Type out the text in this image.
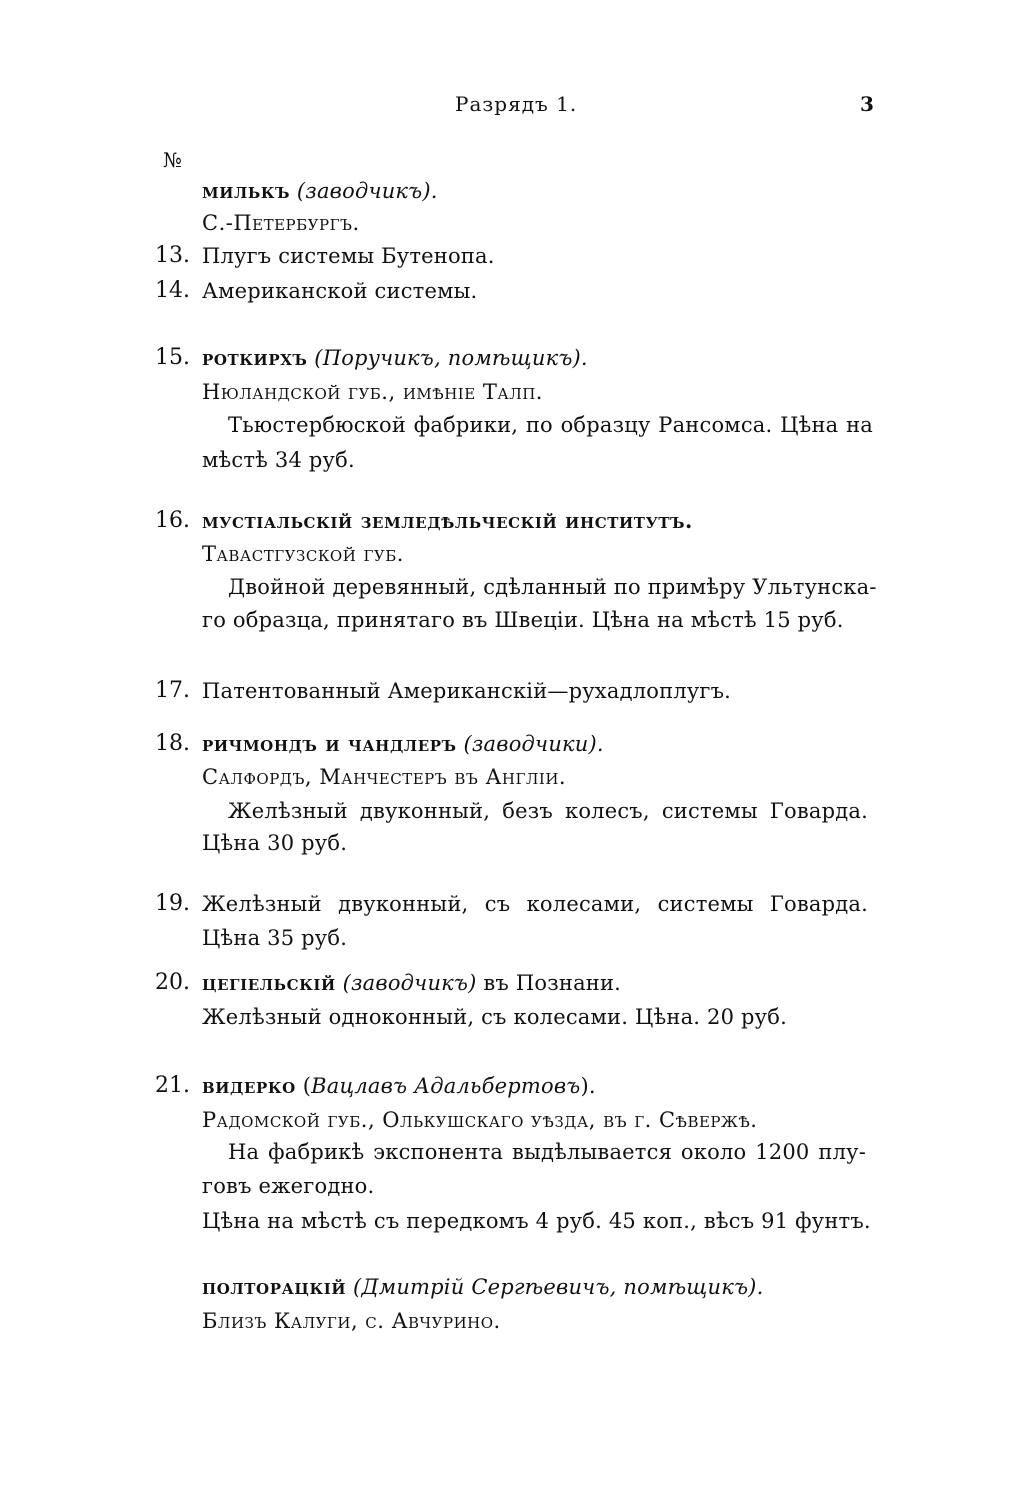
Разрядъ 1.	3
№
милькъ (заводчикъ).
С.-Петербургъ.
13. Плугъ системы Бутенопа.
14. Американской системы.
15. роткирхъ (Поручикъ, помѣщикъ).
Нюландской губ., имѣніе Талп.
Тьюстербюской фабрики, по образцу Рансомса. Цѣна на
мѣстѣ 34 руб.
16. мустіальскій земледѣльческій институтъ.
Тавастгузской губ.
Двойной деревянный, сдѣланный по примѣру Ультунска-
го образца, принятаго въ Швеціи. Цѣна на мѣстѣ 15 руб.
17. Патентованный Американскій—рухадлоплугъ.
18. ричмондъ и чандлеръ (заводчики).
Салфордъ, Манчестеръ въ Англіи.
Желѣзный двуконный, безъ колесъ, системы Говарда.
Цѣна 30 руб.
19. Желѣзный двуконный, съ колесами, системы Говарда.
Цѣна 35 руб.
20. цегіельскій (заводчикъ) въ Познани.
Желѣзный одноконный, съ колесами. Цѣна. 20 руб.
21. видерко (Вацлавъ Адальбертовъ).
Радомской губ., Олькушскаго уѣзда, въ г. Сѣвержѣ.
На фабрикѣ экспонента выдѣлывается около 1200 плу-
говъ ежегодно.
Цѣна на мѣстѣ съ передкомъ 4 руб. 45 коп., вѣсъ 91 фунтъ.
полторацкій (Дмитрій Сергѣевичъ, помѣщикъ).
Близъ Калуги, с. Авчурино.
